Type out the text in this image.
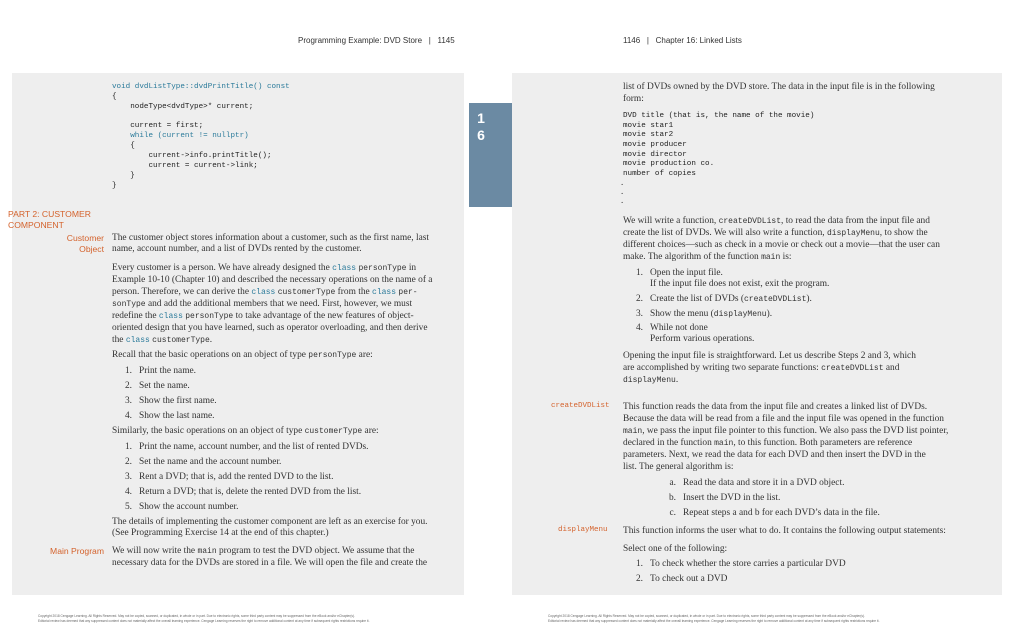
Programming Example: DVD Store   |   1145	1146   |   Chapter 16: Linked Lists
1
6
void dvdListType::dvdPrintTitle() const
{
nodeType<dvdType>* current;
current = first;
while (current != nullptr)
{
current->info.printTitle();
current = current->link;
}
}
PART 2: CUSTOMER
COMPONENT
Customer
Object
The customer object stores information about a customer, such as the first name, last
name, account number, and a list of DVDs rented by the customer.
Every customer is a person. We have already designed the class personType in
Example 10-10 (Chapter 10) and described the necessary operations on the name of a
person. Therefore, we can derive the class customerType from the class per-
sonType and add the additional members that we need. First, however, we must
redefine the class personType to take advantage of the new features of object-
oriented design that you have learned, such as operator overloading, and then derive
the class customerType.
Recall that the basic operations on an object of type personType are:
1. Print the name.
2. Set the name.
3. Show the first name.
4. Show the last name.
Similarly, the basic operations on an object of type customerType are:
1. Print the name, account number, and the list of rented DVDs.
2. Set the name and the account number.
3. Rent a DVD; that is, add the rented DVD to the list.
4. Return a DVD; that is, delete the rented DVD from the list.
5. Show the account number.
The details of implementing the customer component are left as an exercise for you.
(See Programming Exercise 14 at the end of this chapter.)
Main Program We will now write the main program to test the DVD object. We assume that the
necessary data for the DVDs are stored in a file. We will open the file and create the
list of DVDs owned by the DVD store. The data in the input file is in the following
form:
DVD title (that is, the name of the movie)
movie star1
movie star2
movie producer
movie director
movie production co.
number of copies
.
.
.
We will write a function, createDVDList, to read the data from the input file and
create the list of DVDs. We will also write a function, displayMenu, to show the
different choices—such as check in a movie or check out a movie—that the user can
make. The algorithm of the function main is:
1. Open the input file.
If the input file does not exist, exit the program.
2. Create the list of DVDs (createDVDList).
3. Show the menu (displayMenu).
4. While not done
Perform various operations.
Opening the input file is straightforward. Let us describe Steps 2 and 3, which
are accomplished by writing two separate functions: createDVDList and
displayMenu.
createDVDList This function reads the data from the input file and creates a linked list of DVDs.
Because the data will be read from a file and the input file was opened in the function
main, we pass the input file pointer to this function. We also pass the DVD list pointer,
declared in the function main, to this function. Both parameters are reference
parameters. Next, we read the data for each DVD and then insert the DVD in the
list. The general algorithm is:
a. Read the data and store it in a DVD object.
b. Insert the DVD in the list.
c. Repeat steps a and b for each DVD’s data in the file.
displayMenu This function informs the user what to do. It contains the following output statements:
Select one of the following:
1. To check whether the store carries a particular DVD
2. To check out a DVD
Copyright 2018 Cengage Learning. All Rights Reserved. May not be copied, scanned, or duplicated, in whole or in part. Due to electronic rights, some third party content may be suppressed from the eBook and/or eChapter(s).
Editorial review has deemed that any suppressed content does not materially affect the overall learning experience. Cengage Learning reserves the right to remove additional content at any time if subsequent rights restrictions require it.
Copyright 2018 Cengage Learning. All Rights Reserved. May not be copied, scanned, or duplicated, in whole or in part. Due to electronic rights, some third party content may be suppressed from the eBook and/or eChapter(s).
Editorial review has deemed that any suppressed content does not materially affect the overall learning experience. Cengage Learning reserves the right to remove additional content at any time if subsequent rights restrictions require it.
